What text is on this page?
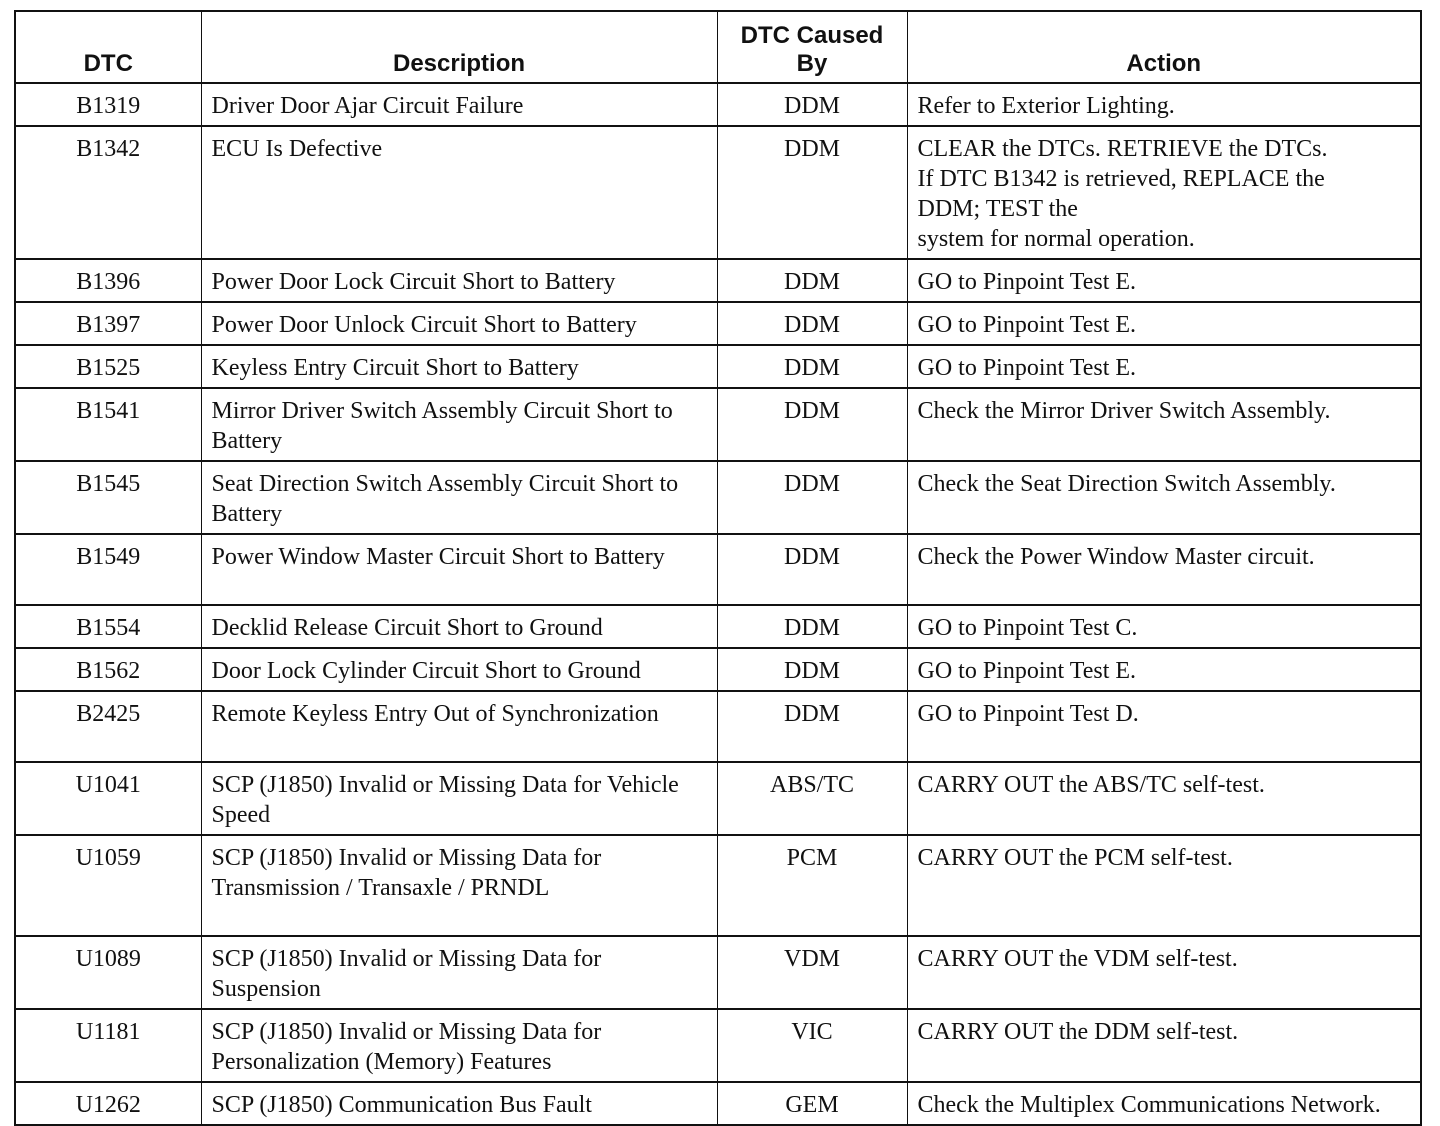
DTC	Description	DTC Caused By	Action
B1319	Driver Door Ajar Circuit Failure	DDM	Refer to Exterior Lighting.

B1342	ECU Is Defective	DDM	CLEAR the DTCs. RETRIEVE the DTCs.
If DTC B1342 is retrieved, REPLACE the
DDM; TEST the
system for normal operation.

B1396	Power Door Lock Circuit Short to Battery	DDM	GO to Pinpoint Test E.

B1397	Power Door Unlock Circuit Short to Battery	DDM	GO to Pinpoint Test E.

B1525	Keyless Entry Circuit Short to Battery	DDM	GO to Pinpoint Test E.

B1541	Mirror Driver Switch Assembly Circuit Short to Battery	DDM	Check the Mirror Driver Switch Assembly.

B1545	Seat Direction Switch Assembly Circuit Short to Battery	DDM	Check the Seat Direction Switch Assembly.

B1549	Power Window Master Circuit Short to Battery	DDM	Check the Power Window Master circuit.

B1554	Decklid Release Circuit Short to Ground	DDM	GO to Pinpoint Test C.

B1562	Door Lock Cylinder Circuit Short to Ground	DDM	GO to Pinpoint Test E.

B2425	Remote Keyless Entry Out of Synchronization	DDM	GO to Pinpoint Test D.

U1041	SCP (J1850) Invalid or Missing Data for Vehicle Speed	ABS/TC	CARRY OUT the ABS/TC self-test.

U1059	SCP (J1850) Invalid or Missing Data for Transmission / Transaxle / PRNDL	PCM	CARRY OUT the PCM self-test.

U1089	SCP (J1850) Invalid or Missing Data for Suspension	VDM	CARRY OUT the VDM self-test.

U1181	SCP (J1850) Invalid or Missing Data for Personalization (Memory) Features	VIC	CARRY OUT the DDM self-test.

U1262	SCP (J1850) Communication Bus Fault	GEM	Check the Multiplex Communications Network.
